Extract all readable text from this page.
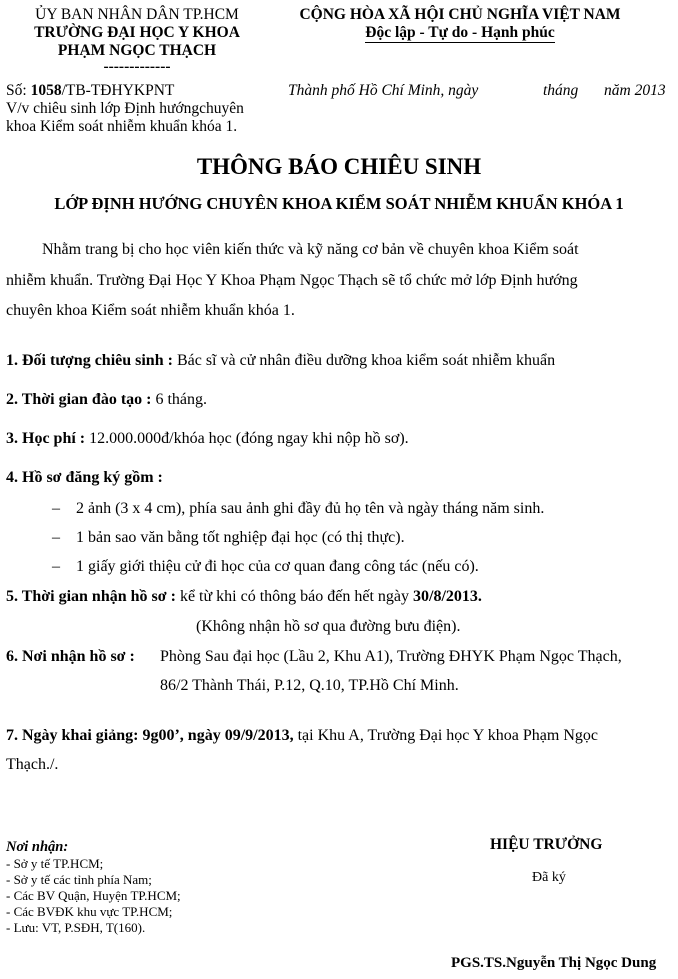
ỦY BAN NHÂN DÂN TP.HCM
TRƯỜNG ĐẠI HỌC Y KHOA
PHẠM NGỌC THẠCH
-------------
CỘNG HÒA XÃ HỘI CHỦ NGHĨA VIỆT NAM
Độc lập - Tự do - Hạnh phúc
Số: 1058/TB-TĐHYKPNT
V/v chiêu sinh lớp Định hướngchuyên
khoa Kiểm soát nhiễm khuẩn khóa 1.
Thành phố Hồ Chí Minh, ngày	tháng năm 2013
THÔNG BÁO CHIÊU SINH
LỚP ĐỊNH HƯỚNG CHUYÊN KHOA KIỂM SOÁT NHIỄM KHUẨN KHÓA 1
Nhằm trang bị cho học viên kiến thức và kỹ năng cơ bản về chuyên khoa Kiểm soát
nhiễm khuẩn. Trường Đại Học Y Khoa Phạm Ngọc Thạch sẽ tổ chức mở lớp Định hướng
chuyên khoa Kiểm soát nhiễm khuẩn khóa 1.
1. Đối tượng chiêu sinh : Bác sĩ và cử nhân điều dưỡng khoa kiểm soát nhiễm khuẩn
2. Thời gian đào tạo : 6 tháng.
3. Học phí : 12.000.000đ/khóa học (đóng ngay khi nộp hồ sơ).
4. Hồ sơ đăng ký gồm :
– 2 ảnh (3 x 4 cm), phía sau ảnh ghi đầy đủ họ tên và ngày tháng năm sinh.
– 1 bản sao văn bằng tốt nghiệp đại học (có thị thực).
– 1 giấy giới thiệu cử đi học của cơ quan đang công tác (nếu có).
5. Thời gian nhận hồ sơ : kể từ khi có thông báo đến hết ngày 30/8/2013.
(Không nhận hồ sơ qua đường bưu điện).
6. Nơi nhận hồ sơ : Phòng Sau đại học (Lầu 2, Khu A1), Trường ĐHYK Phạm Ngọc Thạch,
86/2 Thành Thái, P.12, Q.10, TP.Hồ Chí Minh.
7. Ngày khai giảng: 9g00’, ngày 09/9/2013, tại Khu A, Trường Đại học Y khoa Phạm Ngọc
Thạch./.
Nơi nhận:
- Sở y tế TP.HCM;
- Sở y tế các tỉnh phía Nam;
- Các BV Quận, Huyện TP.HCM;
- Các BVĐK khu vực TP.HCM;
- Lưu: VT, P.SĐH, T(160).
HIỆU TRƯỞNG
Đã ký
PGS.TS.Nguyễn Thị Ngọc Dung
